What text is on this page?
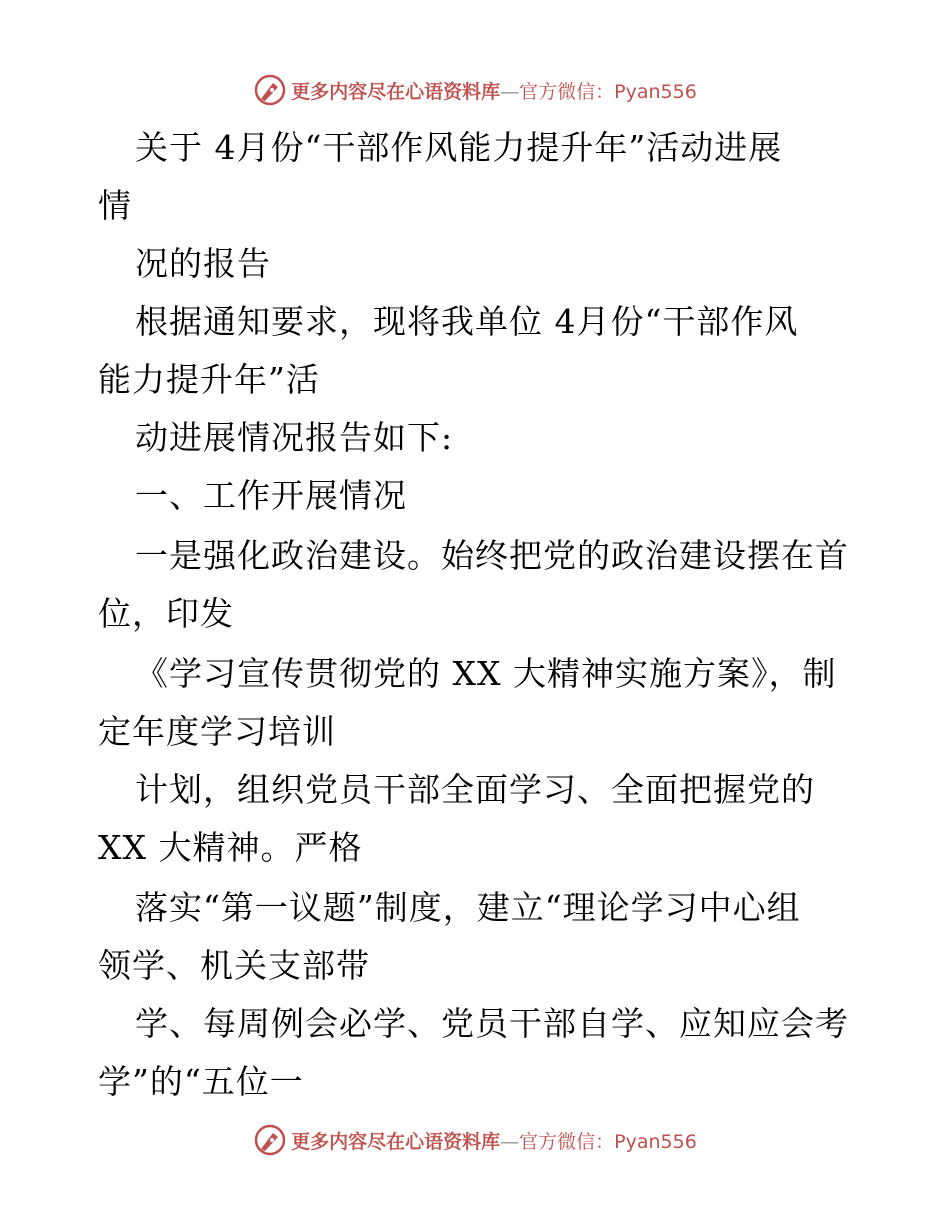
更多内容尽在心语资料库—官方微信：Pyan556
关于 4月份“干部作风能力提升年”活动进展
情
况的报告
根据通知要求，现将我单位 4月份“干部作风
能力提升年”活
动进展情况报告如下:
一、工作开展情况
一是强化政治建设。始终把党的政治建设摆在首
位，印发
《学习宣传贯彻党的 XX 大精神实施方案》，制
定年度学习培训
计划，组织党员干部全面学习、全面把握党的
XX 大精神。严格
落实“第一议题”制度，建立“理论学习中心组
领学、机关支部带
学、每周例会必学、党员干部自学、应知应会考
学”的“五位一
更多内容尽在心语资料库—官方微信：Pyan556
